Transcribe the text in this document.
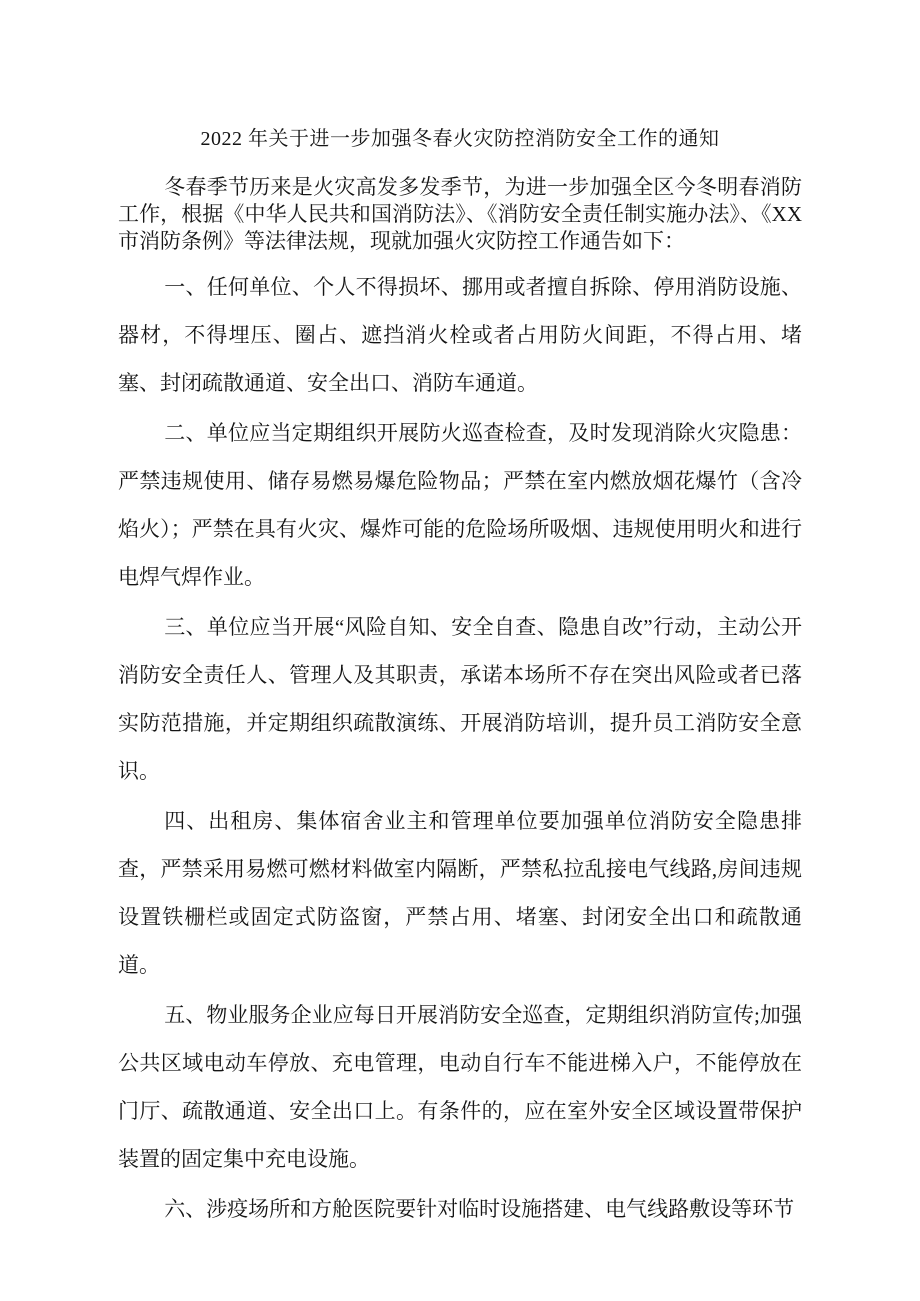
2022 年关于进一步加强冬春火灾防控消防安全工作的通知

冬春季节历来是火灾高发多发季节，为进一步加强全区今冬明春消防工作，根据《中华人民共和国消防法》、《消防安全责任制实施办法》、《XX 市消防条例》等法律法规，现就加强火灾防控工作通告如下：

一、任何单位、个人不得损坏、挪用或者擅自拆除、停用消防设施、器材，不得埋压、圈占、遮挡消火栓或者占用防火间距，不得占用、堵塞、封闭疏散通道、安全出口、消防车通道。

二、单位应当定期组织开展防火巡查检查，及时发现消除火灾隐患：严禁违规使用、储存易燃易爆危险物品；严禁在室内燃放烟花爆竹（含冷焰火）；严禁在具有火灾、爆炸可能的危险场所吸烟、违规使用明火和进行电焊气焊作业。

三、单位应当开展“风险自知、安全自查、隐患自改”行动，主动公开消防安全责任人、管理人及其职责，承诺本场所不存在突出风险或者已落实防范措施，并定期组织疏散演练、开展消防培训，提升员工消防安全意识。

四、出租房、集体宿舍业主和管理单位要加强单位消防安全隐患排查，严禁采用易燃可燃材料做室内隔断，严禁私拉乱接电气线路,房间违规设置铁栅栏或固定式防盗窗，严禁占用、堵塞、封闭安全出口和疏散通道。

五、物业服务企业应每日开展消防安全巡查，定期组织消防宣传;加强公共区域电动车停放、充电管理，电动自行车不能进梯入户，不能停放在门厅、疏散通道、安全出口上。有条件的，应在室外安全区域设置带保护装置的固定集中充电设施。

六、涉疫场所和方舱医院要针对临时设施搭建、电气线路敷设等环节
